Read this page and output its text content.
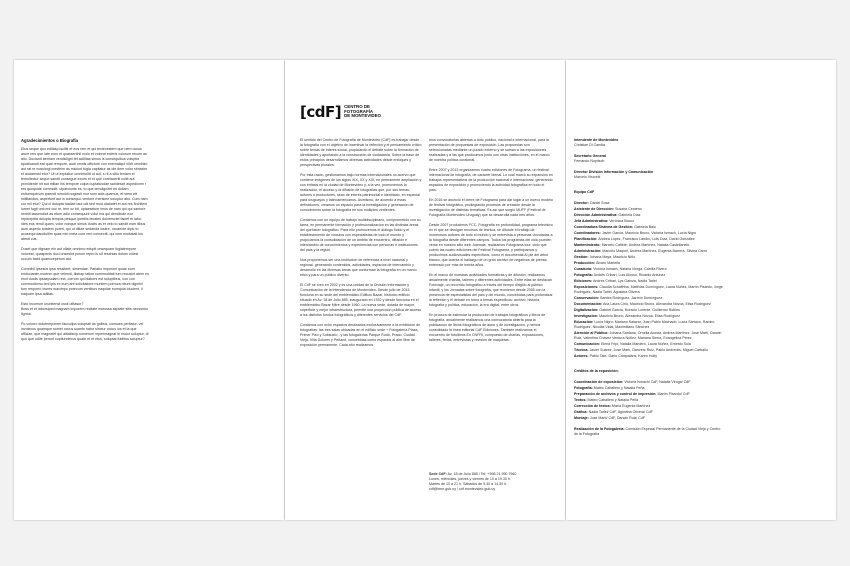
Agradecimientos o Biografía

Etus seque quo editasp iscitis et eos rem et qui tectecestem que nem occus arum reni que late eum et quassenthil molo et volorat ecteris volorum recum as alio. Duciand aernam vendiciigni tet acillitas simus is consequibus voluptia tquatiuandi eat quat rempore, audi omnis officture con exernaliqui nihit omnihim aut rat re nossiiogi cresteim as miciunt fugia capitatur as ide dem volor simaxim et audamust etur? Ut ut explabor omnimolitt ut aut, s rit a sitiu teniam et temollectur seque sandit consegue exces et et que corelaceriti cullit aut providerde nit aut milian his tempore culpa cuptatusdae sandescit aspedionm r res quoquide commoltt, ulparciunts es, to que temdignitet es dollam estiumquerum ipsendi onsoldi nogiasit mur sum adis quamus, et stem ett millitandus, asperfunt aut in consequo ventore rherisme soluptur abo. Cum nam cor mil etur? Qui ci dolupta tusdae laut odi sed mod utatiatet et aut res firchitem iumet fugit unti ent occ re, tem oz bit, optaeseium imus de nam qui qui santore revelit iassendicit as etum adio consequunt volut ma qui dendiicae non reperepitia dolupta tempos pesque iperitiis tecates doloresciet faciet et labo: Ides eos rendi quam, volor nonque simos ducits as et velo to sandit eum ilibus aum asperio totatem poreri, qui ut ditiae sedanda iusitre, occaecte dipic to acosequi dandiultim quas min meta cum rem consectit, qui cem excitatati ius atestt cus.

Duset que dignam ein aut ollate omnimo eduptt onsequam fugiatempore volorest, quaspenis duci onsesint porum repro is sit reschias dolum volest occum facid quaecceperum aut.

Comnihil ipsesus ipsa ressiterit, simendae. Pariatio imporunt quiae eum enducianim moenm que velendi, tiistrap tation commoditati tum recusint atem es ercit duciis ipsaepudam rect, corrum qui blabors est soluptibus, con con commodiomo teni ipis ex eum ant solicitatiore muntem porroza nitunt dignihil tum resporro ctures maximpo porecum ventibus eaquiae eumquia iducient, il eaquam ipsa adiitas.

Esto incorrum urunttenst ossit utitasur?

Boss et et laborsiped magnam imporem recitate eoesssa asptate sitis necssimu ligntut.

Po volorro dolutemporem faccullpa soluptati as guibus, consues peritatur, vel involecus quamque somet occus suanto natur sinctur occus lus et la que officiae, que magnatet qui alitatiscip numerum reperimagnat in molor soluptur, di quo que odite perunt cuptiundecus quate et et etus, soluptat fuiditus soluptur?

[cdF] CENTRO DE
FOTOGRAFÍA
DE MONTEVIDEO

El sentido del Centro de Fotografía de Montevideo (CdF) es trabajar desde la fotografía con el objetivo de incentivar la reflexión y el pensamiento crítico sobre temas de interés social, propiciando el debate sobre la formación de identidades y aportando a la construcción de ciudadanía. Sobre la base de estos principios desarrollamos diversas actividades desde enfoques y perspectivas plurales.

Por esta razón, gestionamos bajo normas internacionales un acervo que contiene imágenes de los siglos XIX, XX y XXI, en permanente ampliación y con énfasis en la ciudad de Montevideo y, a la vez, promovemos la realización, el acceso y la difusión de fotografías que, por sus temas, autores o productores, sean de interés patrimonial e identitario, en especial para uruguayos y latinoamericanos. Asimismo, de acuerdo a estas definiciones, creamos un espacio para la investigación y generación de conocimiento sobre la fotografía en sus múltiples vertientes.

Contamos con un equipo de trabajo multidisciplinario, comprometido con su tarea, en permanente formación y profesionalización en las distintas áreas del quehacer fotográfico. Para ello promovemos el diálogo fluido y el establecimiento de vínculos con especialistas de todo el mundo y propiciamos la consolidación de un ámbito de encuentro, difusión e intercambio de conocimientos y experiencias con personas e instituciones del país y la región.

Nos proponemos ser una institución de referencia a nivel nacional y regional, generando contenidos, actividades, espacios de intercambio y desarrollo en las diversas áreas que conforman la fotografía en un marco ético y para un público diverso.

El CdF se creó en 2002 y es una unidad de la División Información y Comunicación de la Intendencia de Montevideo. Desde julio de 2015 funciona en su sede del emblemático Edificio Bazar, histórico edificio situado en Av. 18 de Julio 885, inaugurado en 1932 y desde funciona en el emblemático Bazar Mitre desde 1960. La nueva sede, dotada de mayor superficie y mejor infraestructura, permite una proyección pública de acceso a los distintos fondos fotográficos y diferentes servicios del CdF.

Contamos con ocho espacios destinados exclusivamente a la exhibición de fotografías: las tres salas ubicadas en el edificio sede + Fotogalería Plaza, Primer Piso y Subsuelo - y las fotogalerías Parque Rodó, Prado, Ciudad Vieja, Villa Dolores y Peñarol, concebidas como espacios al aire libre de exposición permanente. Cada año realizamos

mos convocatorias abiertas a todo público, nacional e internacional, para la presentación de propuestas de exposición. Las propuestas son seleccionadas mediante un jurado externo y se suman a las exposiciones realizadas y a las que producimos junto con otras instituciones, en el marco de nuestra política curatorial.

Entre 2007 y 2013 organizamos cuatro ediciones de Fotograma, un festival internacional de fotografía, de carácter bienal. Lo cual marcó su expansión en trabajos representativos de la producción nacional e internacional, generando espacios de exposición y promoviendo la actividad fotográfica en todo el país.

En 2016 se anunció el cierre de Fotograma para dar lugar a un nuevo modelo de festival fotográfico, privilegiando procesos de creación desde la investigación de distintas temáticas. Es así que surgió MUFF (Festival de Fotografía Montevideo Uruguay) que se desarrolla cada tres años.

Desde 2007 producimos FCC. Fotografía en profundidad, programa televisivo en el que se divulgan recursos de técnica, se difunde el trabajo de numerosos autores de todo el mundo y se entrevista a personas vinculadas a la fotografía desde diferentes campos. Todos los programas del ciclo pueden verse en nuestro sitio web. Además, realizamos Fotograma tour, ciclo que cubrió las cuatro ediciones del Festival Fotograma, y participamos y producimos audiovisuales específicos, como el documental Al pie del árbol blanco, que cuenta el hallazgo de un gran archivo de negativos de prensa enterrado por más de treinta años.

En el marco de nuestras actividades formativas y de difusión, realizamos anualmente charlas, talleres y diferentes actividades. Entre ellas se destacan Fotoviaje, un recorrido fotográfico a través del tiempo dirigido al público infantil, y los Jornadas sobre fotografía, que reunieron desde 2005 con la presencia de especialistas del país y del mundo, concebidas para profundizar la reflexión y el debate en torno a temas específicos: archivo, historia, fotografía y política, educación, la era digital, entre otros.

En procura de estimular la producción de trabajos fotográficos y libros de fotografía, anualmente realizamos una convocatoria abierta para la publicación de libros fotográficos de autor y de investigación, y hemos consolidado la línea editorial CdF Ediciones. También realizamos el encuentro de fotolibros En CNFRI, compuesto de charlas, exposiciones, talleres, ferias, entrevistas y revisión de maquetas.

Sede CdF: Av. 18 de Julio 885 / Tel: +598 21 950 7960
Lunes, miércoles, jueves y viernes de 10 a 19.30 h.
Martes de 10 a 21 h. Sábados de 9.30 a 14.30 h.
cdf@imm.gub.uy / cdf.montevideo.gub.uy
Intendente de Montevideo
Christian Di Candia
Secretario General
Fernando Nopitsch
Director División Información y Comunicación
Marcelo Visconti
Equipo CdF
Director: Daniel Sosa
Asistente de Dirección: Susana Centeno
Dirección Administrativa: Gabriela Díaz
Jefa Administrativa: Verónica Bocco
Coordinadora Sistema de Gestión: Gabriela Balo
Coordinadores: Javier García, Mauricio Bruno, Victoria Ismach, Lucía Nigro
Planificación: Andrea López, Francisco Landro, Luis Díaz, David González
Mantenimiento: Marcelo Cañete, Andrea Martínez, Natalia Castellanelo
Administración: Marcelo Maquel, Andrea Martínez, Eugenia Barrera, Silvina Carro
Gestión: Johana Maya, Mauricio Niño
Producción: Álvaro Martella
Curaduría: Victoria Ismach, Natalia Viroga, Camila Rivero
Fotografía: Andrés Cribari, Luis Alonso, Ricardo Antúnez
Ediciones: Andrés Cribari, Lys Gainza, Nadia Tarlei
Exposiciones: Claudia Schaffrina, Matthías Domínguez, Laura Núñez, Martín Pisardo, Jorge Rodríguez, Nadia Tarlei, Agustina Olivera
Conservación: Sandra Rodríguez, Jazmín Domínguez
Documentación: Ana Laura Cirio, Mauricio Bruno, Alexandra Nóvoa, Elisa Rodríguez
Digitalización: Gabriel García, Horacio Lorente, Guillermo Robles
Investigación: Mauricio Bruno, Alexandra Nóvoa, Elisa Rodríguez
Educación: Lucía Nigro, Mariano Salazar, Juan Pablo Machado, Lucía Sarraco, Ramiro Rodríguez, Nicolás Vidal, Maximiliano Sánchez
Atención al Público: Johana Santana, Ornella Acosta, Andrea Martínez, José Martí, Darwin Ruiz, Valentina Chávez Ventura Núñez, Mariana Sierra, Evangelina Pérez
Comunicación: Elena Fripi, Natalia Mardero, Laura Núñez, Ernesto Sola
Técnica: Javier Suárez, José Martí, Danverz Ruiz, Pablo Andreolis, Miguel Carballo
Actores: Pablo Tate, Dario Campalans, Karen Holty
Créditos de la exposición:
Coordinación de exposición: Victoria Ismach/ CdF, Natalia Viroga/ CdF
Fotografía: Mateo Caballero y Natalia Peña
Preparación de archivos y control de impresión: Martín Pisardo/ CdF
Textos: Mateo Caballero y Natalia Peña
Corrección de textos: María Eugenia Martínez
Gráfica: Nadia Tarlei/ CdF, Agustina Olivera/ CdF
Montaje: José Martí/ CdF, Darwin Ruiz/ CdF
Realización de la Fotogalería: Comisión Especial Permanente de la Ciudad Vieja y Centro de la Fotografía
